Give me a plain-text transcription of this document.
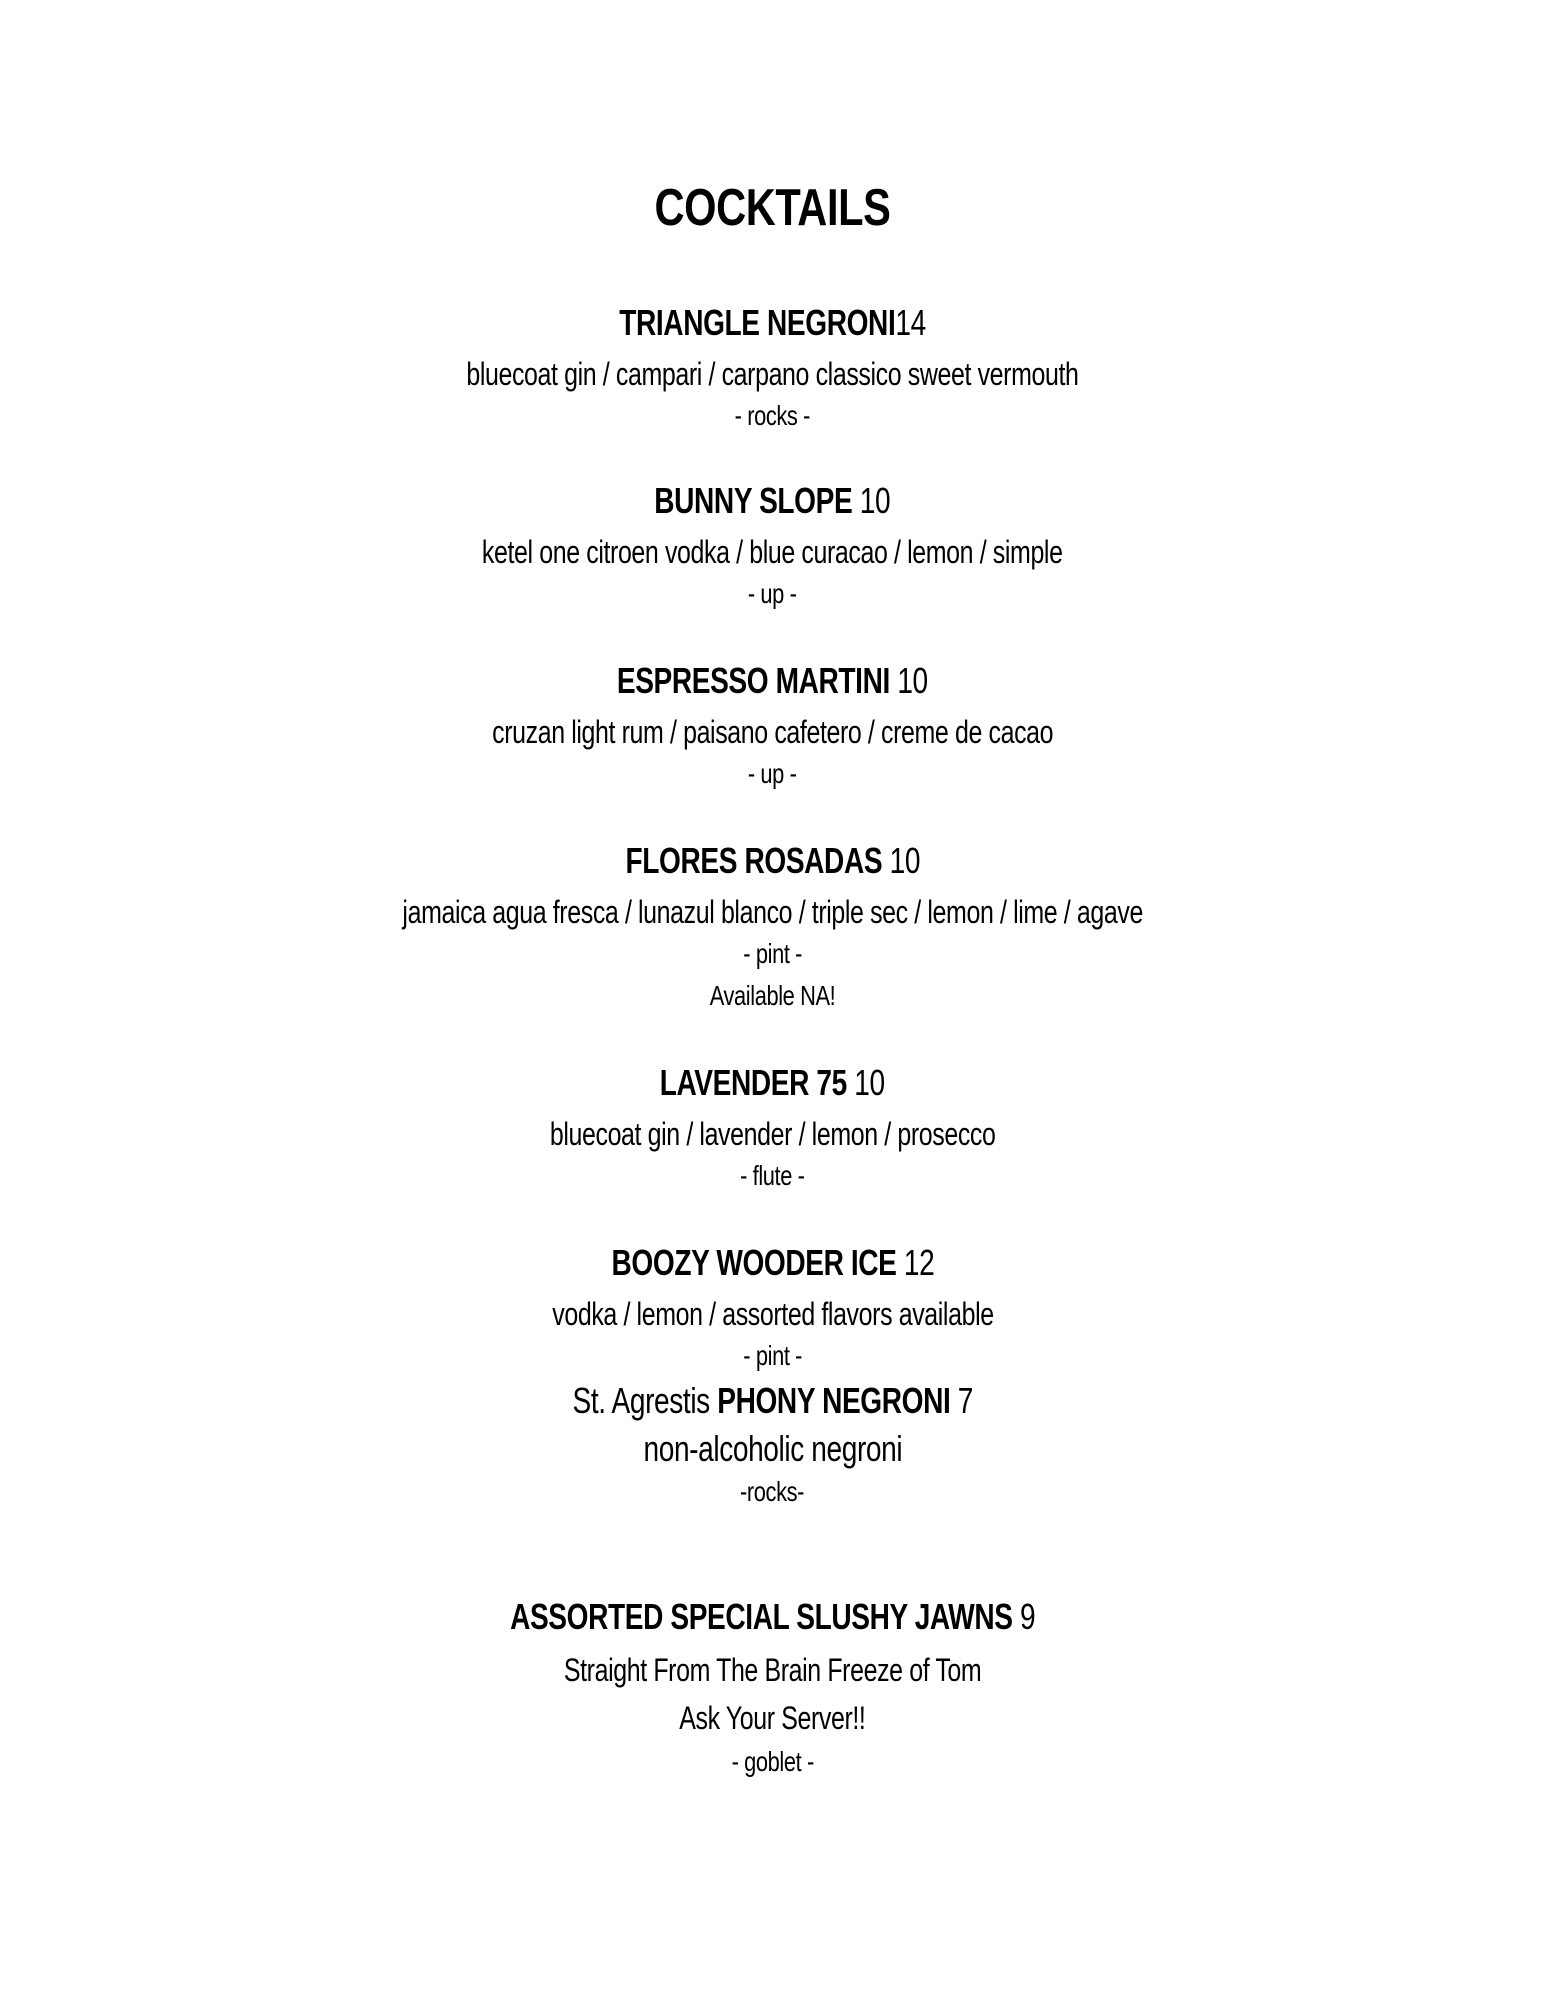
COCKTAILS
TRIANGLE NEGRONI14
bluecoat gin / campari / carpano classico sweet vermouth
- rocks -
BUNNY SLOPE 10
ketel one citroen vodka / blue curacao / lemon / simple
- up -
ESPRESSO MARTINI 10
cruzan light rum / paisano cafetero / creme de cacao
- up -
FLORES ROSADAS 10
jamaica agua fresca / lunazul blanco / triple sec / lemon / lime / agave
- pint -
Available NA!
LAVENDER 75 10
bluecoat gin / lavender / lemon / prosecco
- flute -
BOOZY WOODER ICE 12
vodka / lemon / assorted flavors available
- pint -
St. Agrestis PHONY NEGRONI 7
non-alcoholic negroni
-rocks-
ASSORTED SPECIAL SLUSHY JAWNS 9
Straight From The Brain Freeze of Tom
Ask Your Server!!
- goblet -
